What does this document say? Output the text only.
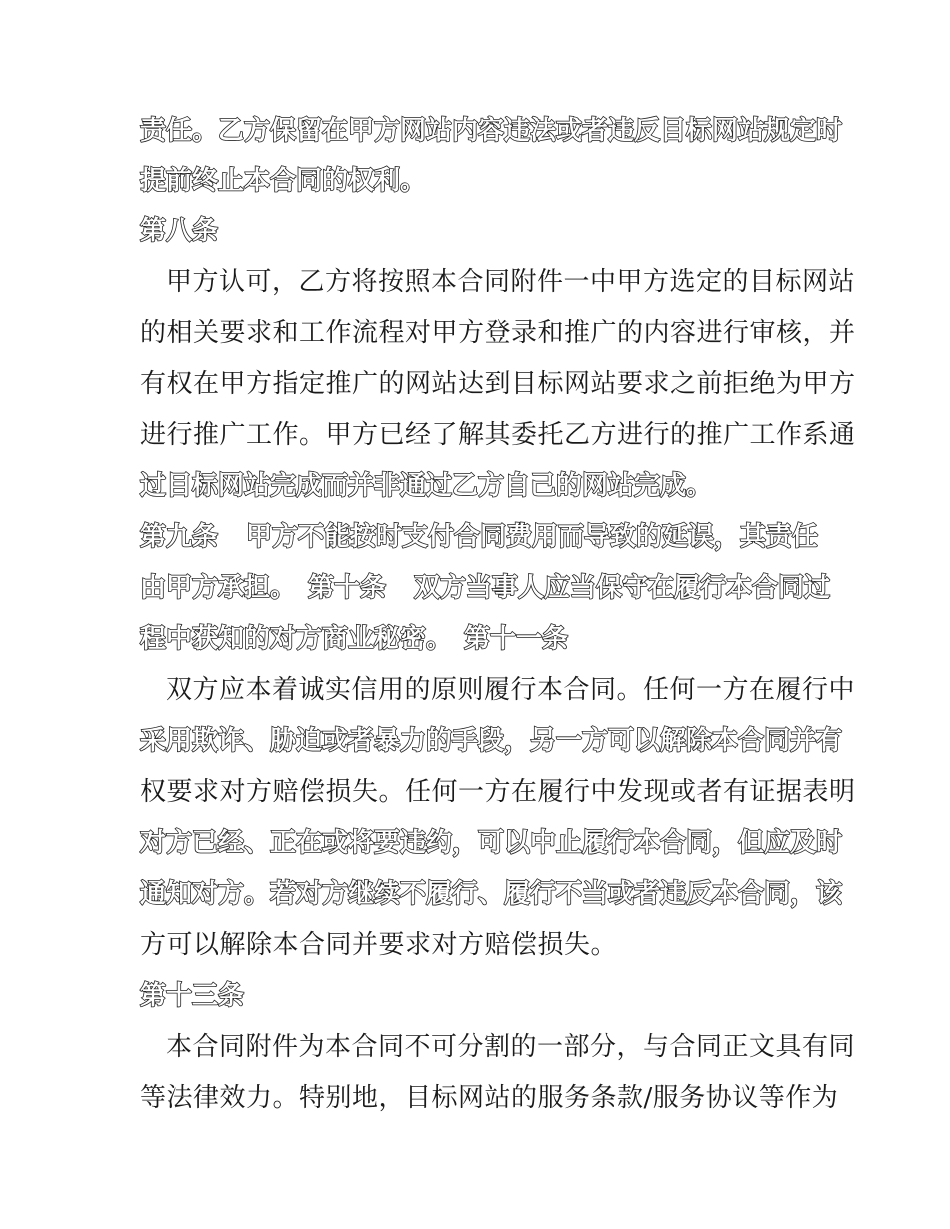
责任。乙方保留在甲方网站内容违法或者违反目标网站规定时
提前终止本合同的权利。
第八条
甲方认可，乙方将按照本合同附件一中甲方选定的目标网站
的相关要求和工作流程对甲方登录和推广的内容进行审核，并
有权在甲方指定推广的网站达到目标网站要求之前拒绝为甲方
进行推广工作。甲方已经了解其委托乙方进行的推广工作系通
过目标网站完成而并非通过乙方自己的网站完成。
第九条 甲方不能按时支付合同费用而导致的延误，其责任
由甲方承担。 第十条 双方当事人应当保守在履行本合同过
程中获知的对方商业秘密。 第十一条
双方应本着诚实信用的原则履行本合同。任何一方在履行中
采用欺诈、胁迫或者暴力的手段，另一方可以解除本合同并有
权要求对方赔偿损失。任何一方在履行中发现或者有证据表明
对方已经、正在或将要违约，可以中止履行本合同，但应及时
通知对方。若对方继续不履行、履行不当或者违反本合同，该
方可以解除本合同并要求对方赔偿损失。
第十三条
本合同附件为本合同不可分割的一部分，与合同正文具有同
等法律效力。特别地，目标网站的服务条款/服务协议等作为
